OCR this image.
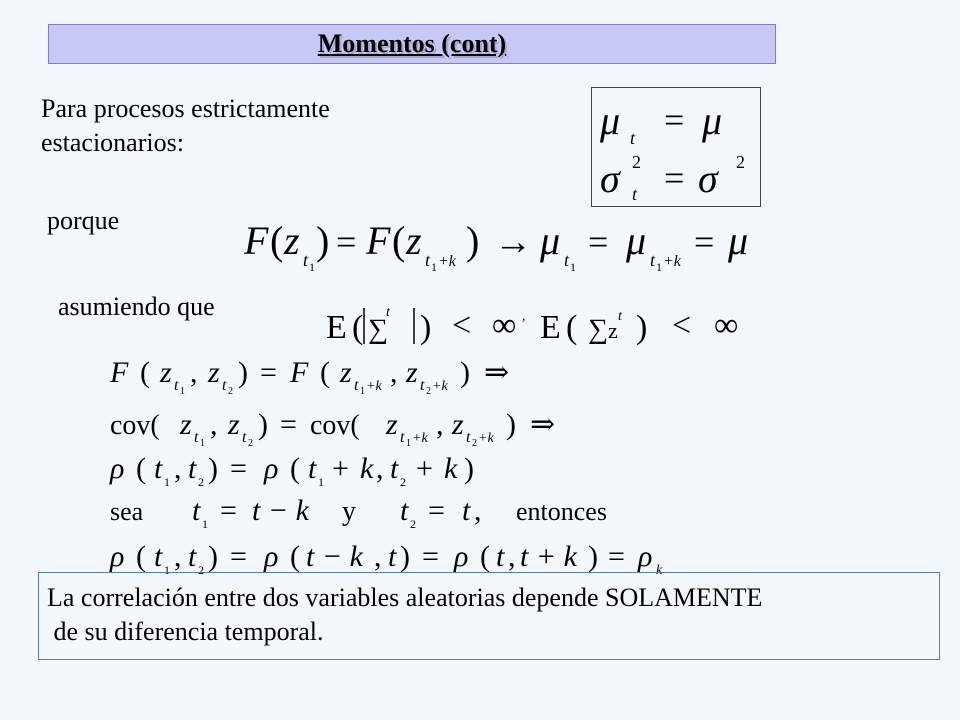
Momentos (cont)
Para procesos estrictamente
estacionarios:	μ t = μ
σ 2
t = σ 2
porque	F ( z t 1
) = F ( z t 1 +k ) → μ t 1
= μ t 1 +k = μ
asumiendo que
E ( ∑
t ) < ∞ , E ( ∑ z
t ) < ∞
F ( z t 1
, z t 2
) = F ( z t 1 +k , z t 2 +k ) ⇒
cov( z t 1
, z t 2
) = cov( z t 1 +k , z t 2 +k ) ⇒
ρ ( t 1 , t 2 ) = ρ ( t 1 + k , t 2 + k )
sea t 1 = t − k y t 2 = t , entonces
ρ ( t 1 , t 2 ) = ρ ( t − k , t ) = ρ ( t , t + k ) = ρ k
La correlación entre dos variables aleatorias depende SOLAMENTE
de su diferencia temporal.
